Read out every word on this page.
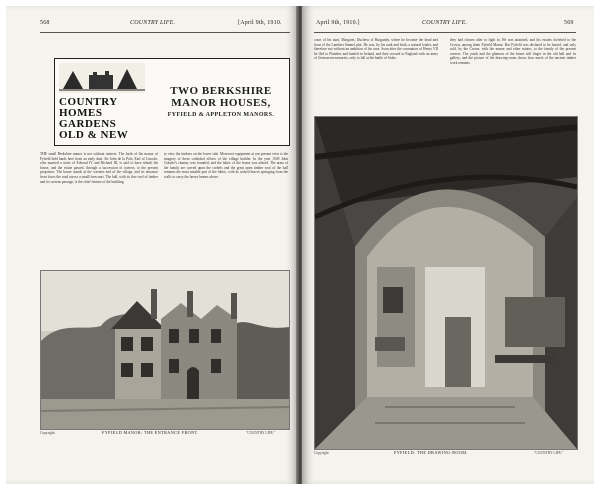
568	COUNTRY LIFE.	[April 9th, 1910.
COUNTRY
HOMES
GARDENS
OLD & NEW
TWO BERKSHIRE MANOR HOUSES,
FYFIELD & APPLETON MANORS.
THE small Berkshire manor is not without interest. The lords of the manor of Fyfield held lands here from an early date. Sir John de la Pole, Earl of Lincoln, who married a sister of Edward IV and Richard III, is said to have rebuilt the house, and the estate passed, through a succession of owners, to the present proprietor. The house stands at the western end of the village, and its entrance front faces the road across a small forecourt. The hall, with its fine roof of timber and its screens passage, is the chief feature of the building.
to view the timbers on the lower side. Moreover equipment at our present view is the imagery of these cathedral efforts of the village builder. In the year 1500 John Golafre's chantry was founded, and the fabric of the house was altered. The arms of the family are carved upon the corbels and the great open timber roof of the hall remains the most notable part of the fabric, with its arched braces springing from the walls to carry the heavy beams above.
Copyright	FYFIELD MANOR: THE ENTRANCE FRONT.	"COUNTRY LIFE."
April 9th, 1910.]	COUNTRY LIFE.	569
court of his aunt, Margaret, Duchess of Burgundy, where he became the head and front of the Lambert Simnel plot. He was, by his rank and birth, a natural leader, and therefore not without an ambition of his own. Soon after the coronation of Henry VII he fled to Flanders and landed in Ireland, and then crossed to England with an army of German mercenaries, only to fall at the battle of Stoke.
they had chosen after to fight in. He was attainted, and his estates forfeited to the Crown, among them Fyfield Manor. But Fyfield was declared to be leased, and only sold, by the Crown, with the manor and other estates, to the family of the present owners. The youth and the glamour of the house still linger in the old hall and its gallery, and the picture of the drawing-room shows how much of the ancient timber work remains.
Copyright	FYFIELD: THE DRAWING-ROOM.	"COUNTRY LIFE."
